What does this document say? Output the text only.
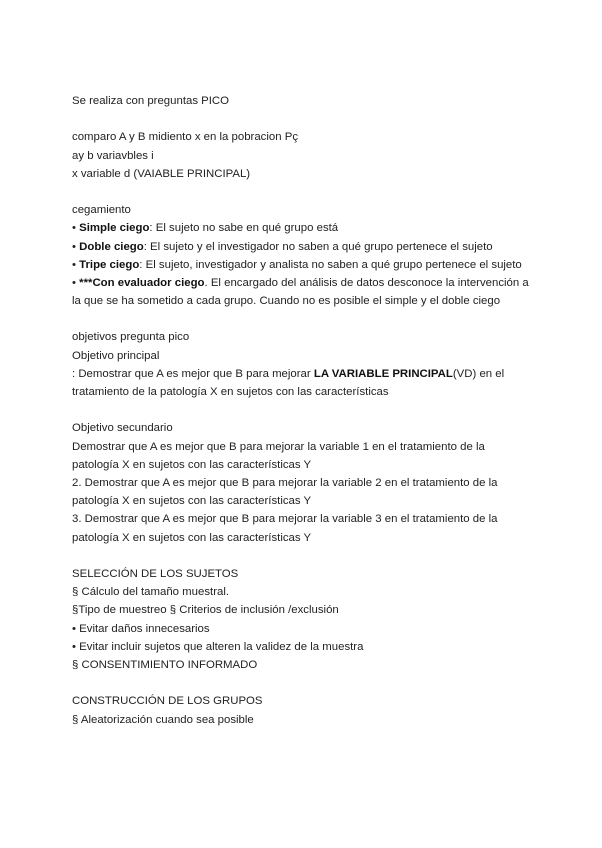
Se realiza con preguntas PICO
comparo A y B midiento x en la pobracion Pç
ay b variavbles i
x variable d (VAIABLE PRINCIPAL)
cegamiento
• Simple ciego: El sujeto no sabe en qué grupo está
• Doble ciego: El sujeto y el investigador no saben a qué grupo pertenece el sujeto
• Tripe ciego: El sujeto, investigador y analista no saben a qué grupo pertenece el sujeto
• ***Con evaluador ciego. El encargado del análisis de datos desconoce la intervención a la que se ha sometido a cada grupo. Cuando no es posible el simple y el doble ciego
objetivos pregunta pico
Objetivo principal
: Demostrar que A es mejor que B para mejorar LA VARIABLE PRINCIPAL(VD) en el tratamiento de la patología X en sujetos con las características
Objetivo secundario
Demostrar que A es mejor que B para mejorar la variable 1 en el tratamiento de la patología X en sujetos con las características Y
2. Demostrar que A es mejor que B para mejorar la variable 2 en el tratamiento de la patología X en sujetos con las características Y
3. Demostrar que A es mejor que B para mejorar la variable 3 en el tratamiento de la patología X en sujetos con las características Y
SELECCIÓN DE LOS SUJETOS
§ Cálculo del tamaño muestral.
§Tipo de muestreo § Criterios de inclusión /exclusión
• Evitar daños innecesarios
• Evitar incluir sujetos que alteren la validez de la muestra
§ CONSENTIMIENTO INFORMADO
CONSTRUCCIÓN DE LOS GRUPOS
§ Aleatorización cuando sea posible
